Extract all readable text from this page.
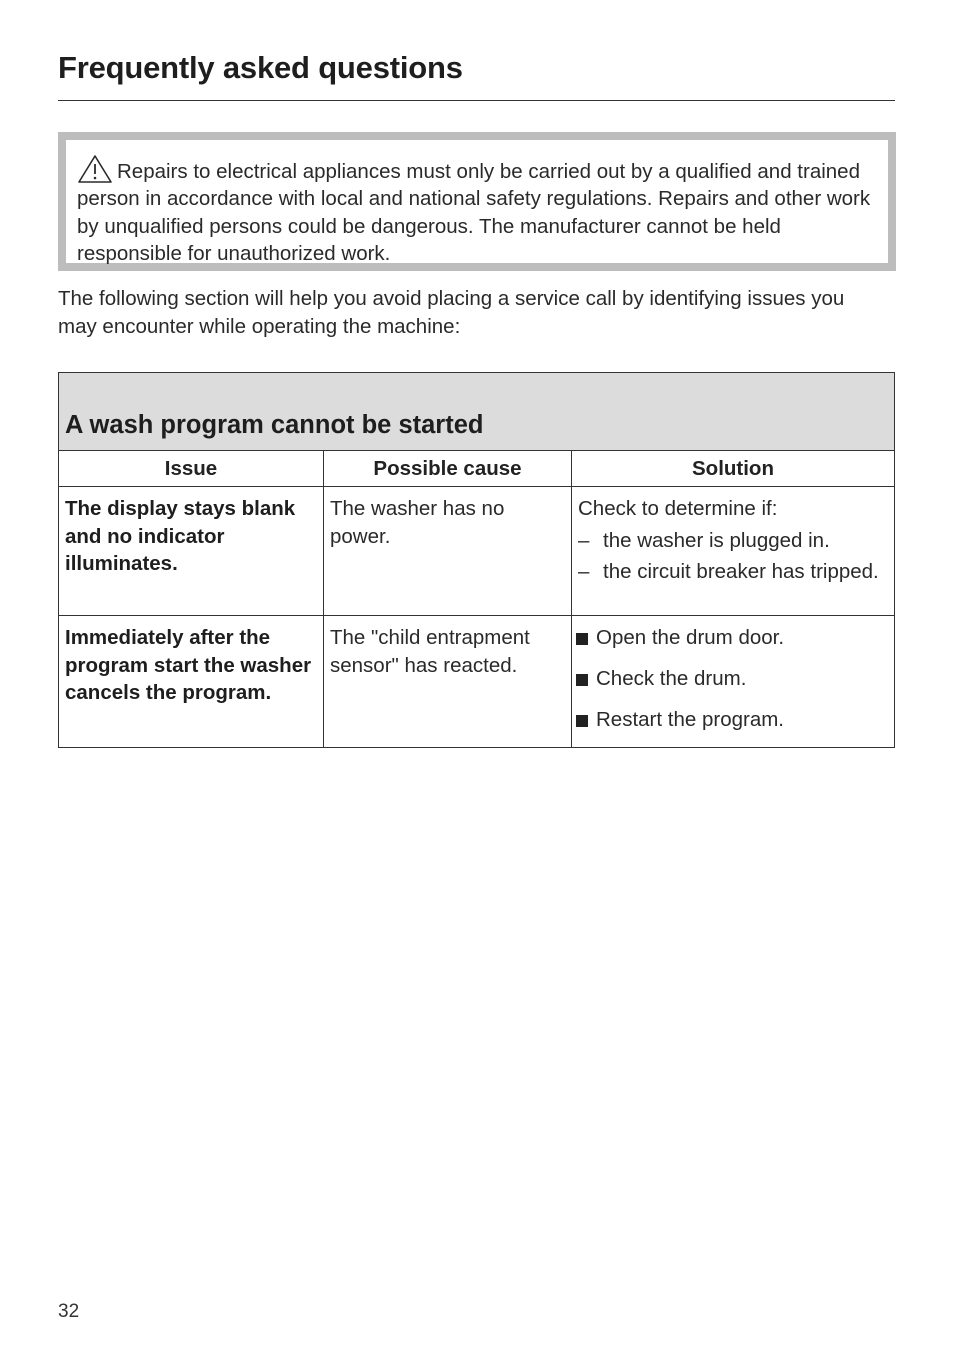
Frequently asked questions
Repairs to electrical appliances must only be carried out by a qualified and trained person in accordance with local and national safety regulations. Repairs and other work by unqualified persons could be dangerous. The manufacturer cannot be held responsible for unauthorized work.
The following section will help you avoid placing a service call by identifying issues you may encounter while operating the machine:
A wash program cannot be started		
Issue	Possible cause	Solution
The display stays blank and no indicator illuminates.	The washer has no power.	Check to determine if:
– the washer is plugged in.
– the circuit breaker has tripped.

Immediately after the program start the washer cancels the program.	The "child entrapment sensor" has reacted.	Open the drum door.
Check the drum.
Restart the program.
32
